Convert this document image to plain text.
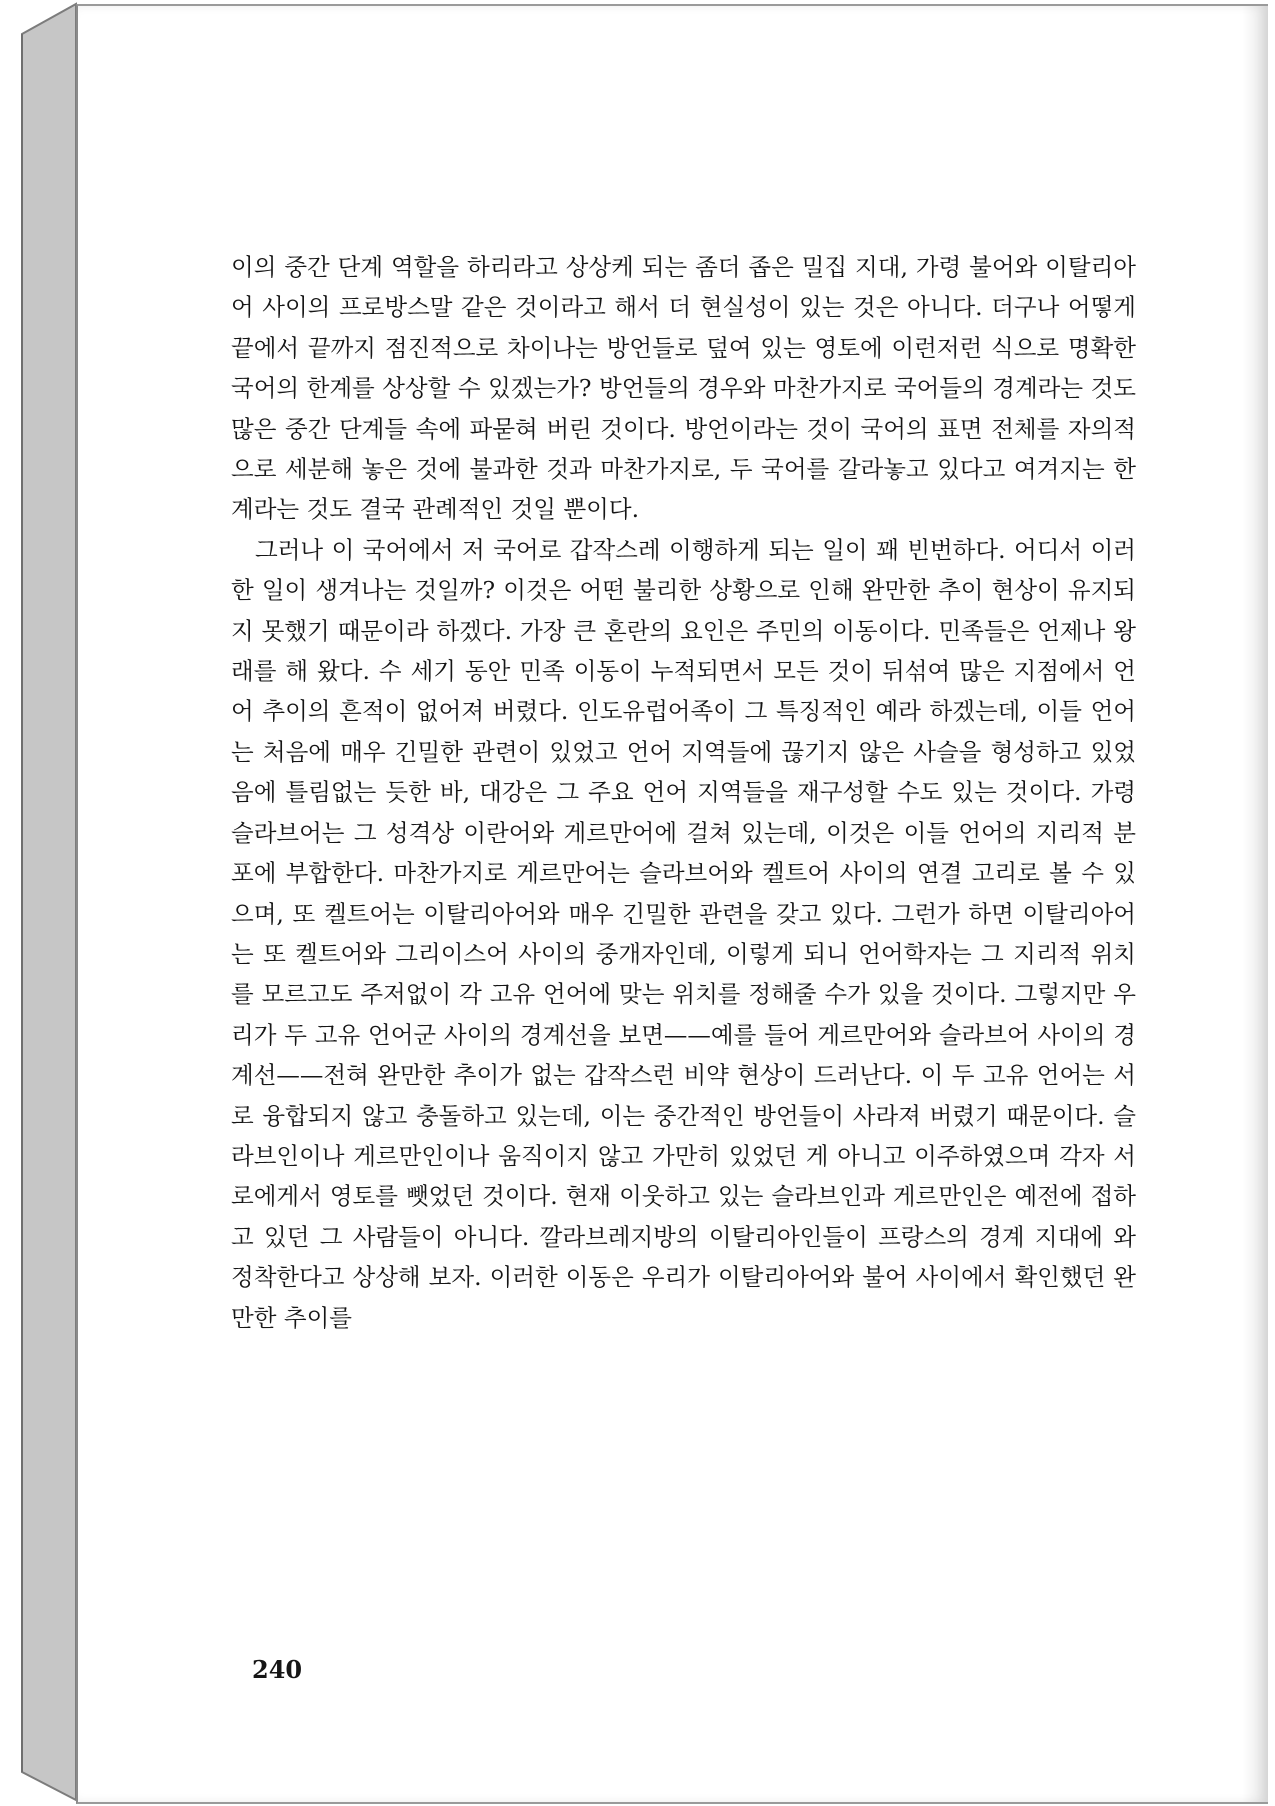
이의 중간 단계 역할을 하리라고 상상케 되는 좀더 좁은 밀집 지대, 가령 불어와 이탈리아어 사이의 프로방스말 같은 것이라고 해서 더 현실성이 있는 것은 아니다. 더구나 어떻게 끝에서 끝까지 점진적으로 차이나는 방언들로 덮여 있는 영토에 이런저런 식으로 명확한 국어의 한계를 상상할 수 있겠는가? 방언들의 경우와 마찬가지로 국어들의 경계라는 것도 많은 중간 단계들 속에 파묻혀 버린 것이다. 방언이라는 것이 국어의 표면 전체를 자의적으로 세분해 놓은 것에 불과한 것과 마찬가지로, 두 국어를 갈라놓고 있다고 여겨지는 한계라는 것도 결국 관례적인 것일 뿐이다.

그러나 이 국어에서 저 국어로 갑작스레 이행하게 되는 일이 꽤 빈번하다. 어디서 이러한 일이 생겨나는 것일까? 이것은 어떤 불리한 상황으로 인해 완만한 추이 현상이 유지되지 못했기 때문이라 하겠다. 가장 큰 혼란의 요인은 주민의 이동이다. 민족들은 언제나 왕래를 해 왔다. 수 세기 동안 민족 이동이 누적되면서 모든 것이 뒤섞여 많은 지점에서 언어 추이의 흔적이 없어져 버렸다. 인도유럽어족이 그 특징적인 예라 하겠는데, 이들 언어는 처음에 매우 긴밀한 관련이 있었고 언어 지역들에 끊기지 않은 사슬을 형성하고 있었음에 틀림없는 듯한 바, 대강은 그 주요 언어 지역들을 재구성할 수도 있는 것이다. 가령 슬라브어는 그 성격상 이란어와 게르만어에 걸쳐 있는데, 이것은 이들 언어의 지리적 분포에 부합한다. 마찬가지로 게르만어는 슬라브어와 켈트어 사이의 연결 고리로 볼 수 있으며, 또 켈트어는 이탈리아어와 매우 긴밀한 관련을 갖고 있다. 그런가 하면 이탈리아어는 또 켈트어와 그리이스어 사이의 중개자인데, 이렇게 되니 언어학자는 그 지리적 위치를 모르고도 주저없이 각 고유 언어에 맞는 위치를 정해줄 수가 있을 것이다. 그렇지만 우리가 두 고유 언어군 사이의 경계선을 보면——예를 들어 게르만어와 슬라브어 사이의 경계선——전혀 완만한 추이가 없는 갑작스런 비약 현상이 드러난다. 이 두 고유 언어는 서로 융합되지 않고 충돌하고 있는데, 이는 중간적인 방언들이 사라져 버렸기 때문이다. 슬라브인이나 게르만인이나 움직이지 않고 가만히 있었던 게 아니고 이주하였으며 각자 서로에게서 영토를 뺏었던 것이다. 현재 이웃하고 있는 슬라브인과 게르만인은 예전에 접하고 있던 그 사람들이 아니다. 깔라브레지방의 이탈리아인들이 프랑스의 경계 지대에 와 정착한다고 상상해 보자. 이러한 이동은 우리가 이탈리아어와 불어 사이에서 확인했던 완만한 추이를

240
